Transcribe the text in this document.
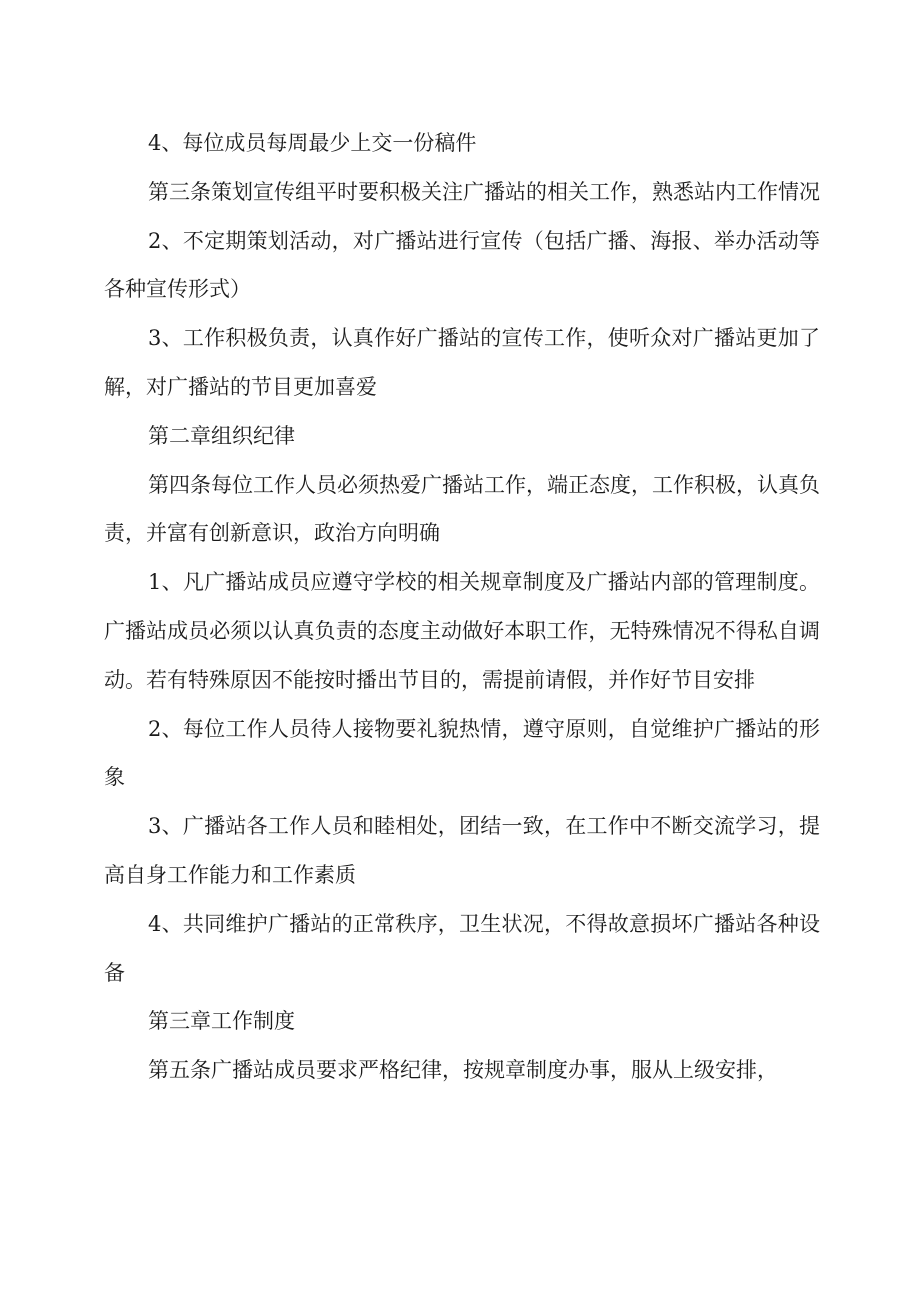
4、每位成员每周最少上交一份稿件

第三条策划宣传组平时要积极关注广播站的相关工作，熟悉站内工作情况

2、不定期策划活动，对广播站进行宣传（包括广播、海报、举办活动等各种宣传形式）

3、工作积极负责，认真作好广播站的宣传工作，使听众对广播站更加了解，对广播站的节目更加喜爱

第二章组织纪律

第四条每位工作人员必须热爱广播站工作，端正态度，工作积极，认真负责，并富有创新意识，政治方向明确

1、凡广播站成员应遵守学校的相关规章制度及广播站内部的管理制度。广播站成员必须以认真负责的态度主动做好本职工作，无特殊情况不得私自调动。若有特殊原因不能按时播出节目的，需提前请假，并作好节目安排

2、每位工作人员待人接物要礼貌热情，遵守原则，自觉维护广播站的形象

3、广播站各工作人员和睦相处，团结一致，在工作中不断交流学习，提高自身工作能力和工作素质

4、共同维护广播站的正常秩序，卫生状况，不得故意损坏广播站各种设备

第三章工作制度

第五条广播站成员要求严格纪律，按规章制度办事，服从上级安排，
